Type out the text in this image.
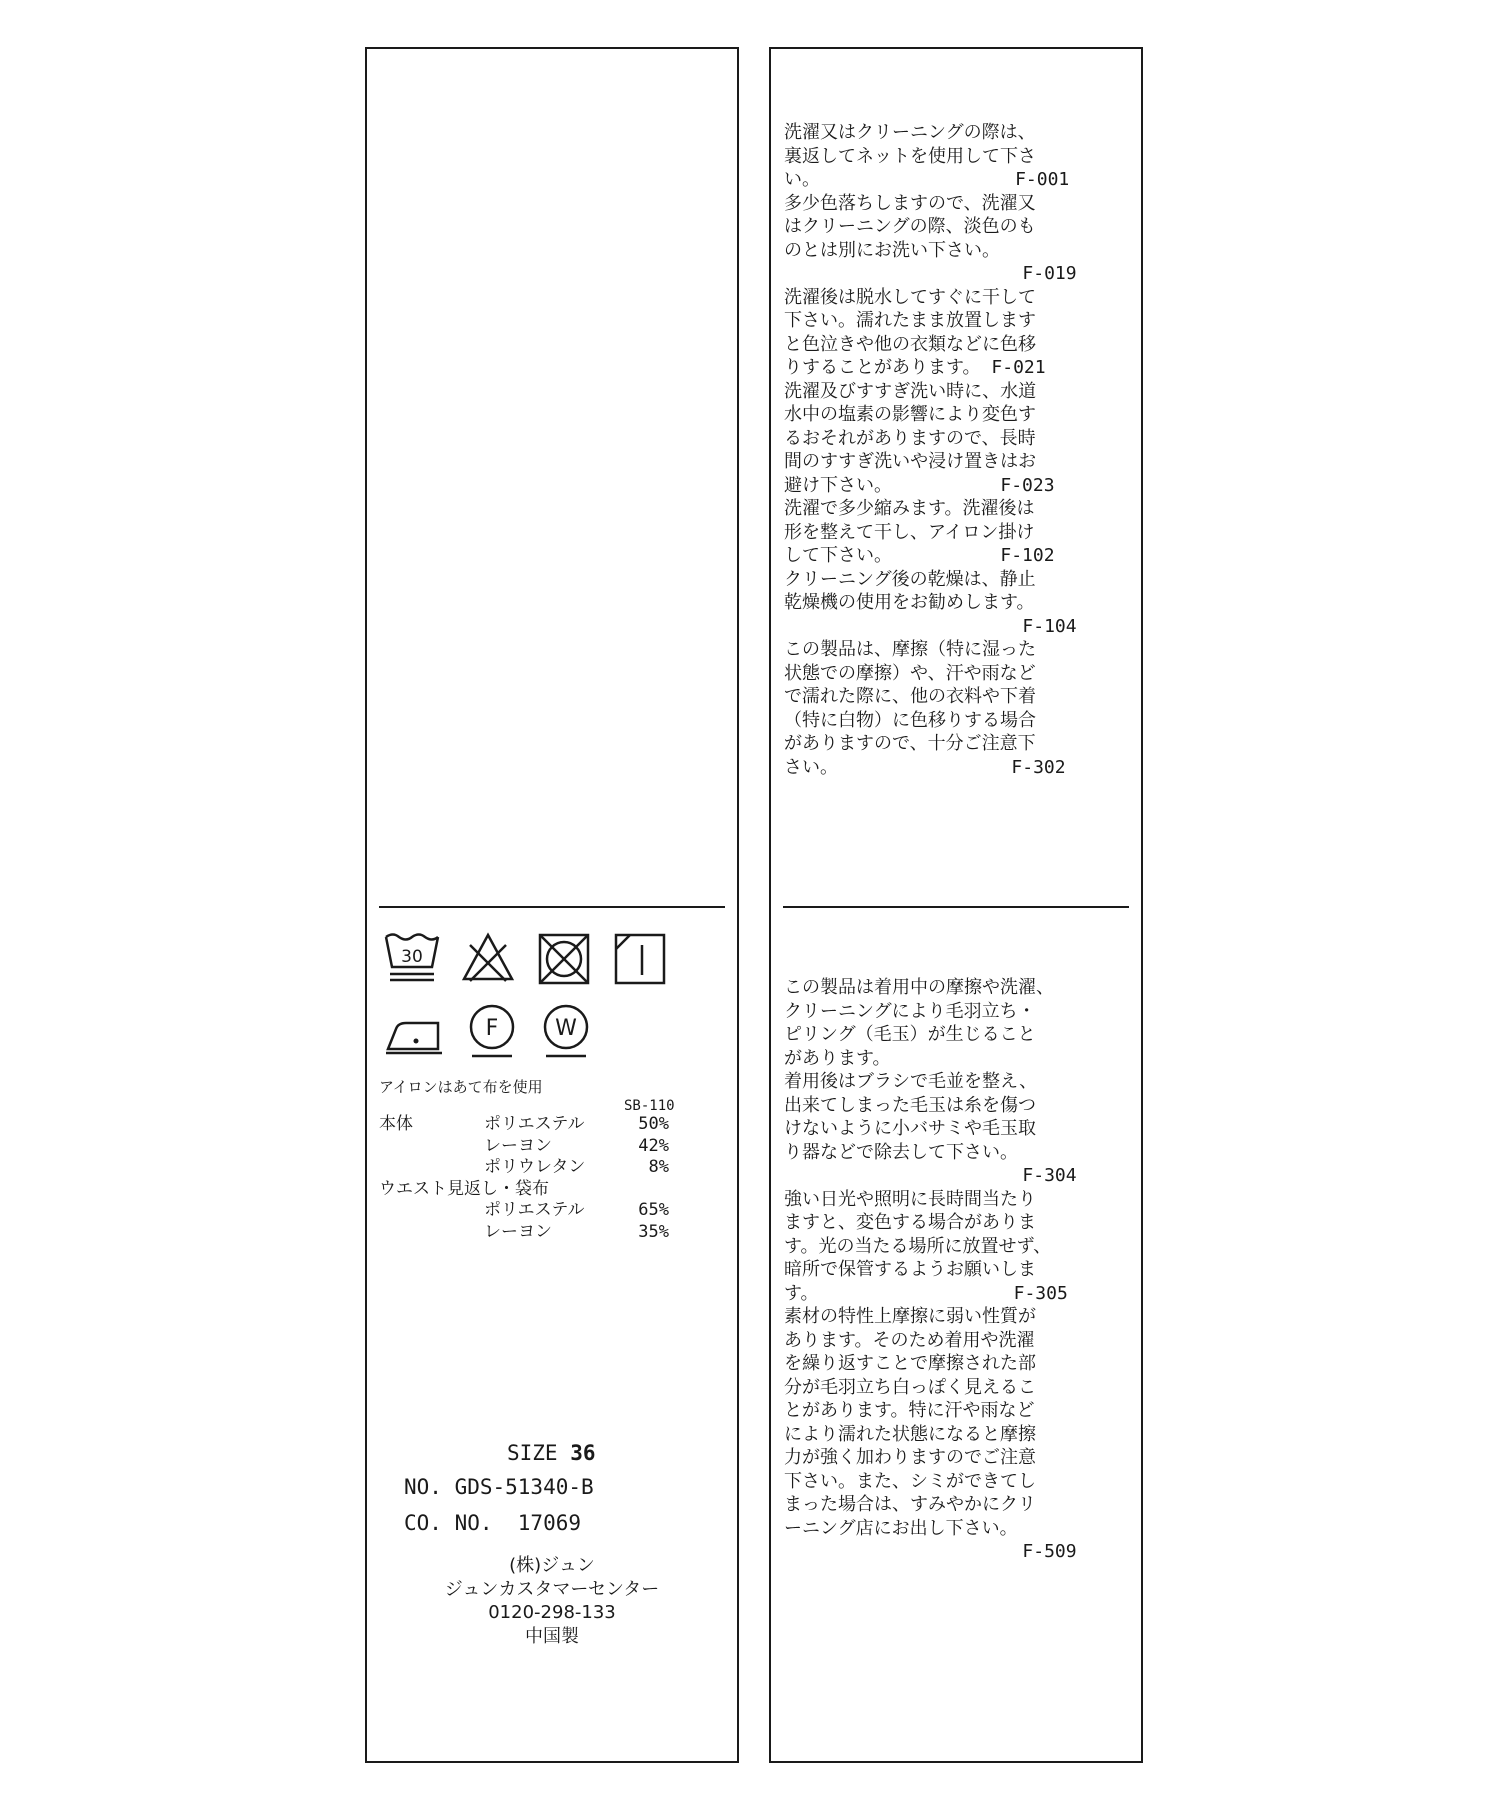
30
F	W
アイロンはあて布を使用
SB-110
本体	ポリエステル	50%
レーヨン	42%
ポリウレタン	8%
ウエスト見返し・袋布
ポリエステル	65%
レーヨン	35%
SIZE 36
NO. GDS-51340-B
CO. NO.  17069
(株)ジュン
ジュンカスタマーセンター
0120-298-133
中国製

洗濯又はクリーニングの際は、
裏返してネットを使用して下さ
い。                  F-001
多少色落ちしますので、洗濯又
はクリーニングの際、淡色のも
のとは別にお洗い下さい。
F-019
洗濯後は脱水してすぐに干して
下さい。濡れたまま放置します
と色泣きや他の衣類などに色移
りすることがあります。 F-021
洗濯及びすすぎ洗い時に、水道
水中の塩素の影響により変色す
るおそれがありますので、長時
間のすすぎ洗いや浸け置きはお
避け下さい。          F-023
洗濯で多少縮みます。洗濯後は
形を整えて干し、アイロン掛け
して下さい。          F-102
クリーニング後の乾燥は、静止
乾燥機の使用をお勧めします。
F-104
この製品は、摩擦（特に湿った
状態での摩擦）や、汗や雨など
で濡れた際に、他の衣料や下着
（特に白物）に色移りする場合
がありますので、十分ご注意下
さい。                F-302

この製品は着用中の摩擦や洗濯、
クリーニングにより毛羽立ち・
ピリング（毛玉）が生じること
があります。
着用後はブラシで毛並を整え、
出来てしまった毛玉は糸を傷つ
けないように小バサミや毛玉取
り器などで除去して下さい。
F-304
強い日光や照明に長時間当たり
ますと、変色する場合がありま
す。光の当たる場所に放置せず、
暗所で保管するようお願いしま
す。                  F-305
素材の特性上摩擦に弱い性質が
あります。そのため着用や洗濯
を繰り返すことで摩擦された部
分が毛羽立ち白っぽく見えるこ
とがあります。特に汗や雨など
により濡れた状態になると摩擦
力が強く加わりますのでご注意
下さい。また、シミができてし
まった場合は、すみやかにクリ
ーニング店にお出し下さい。
F-509
